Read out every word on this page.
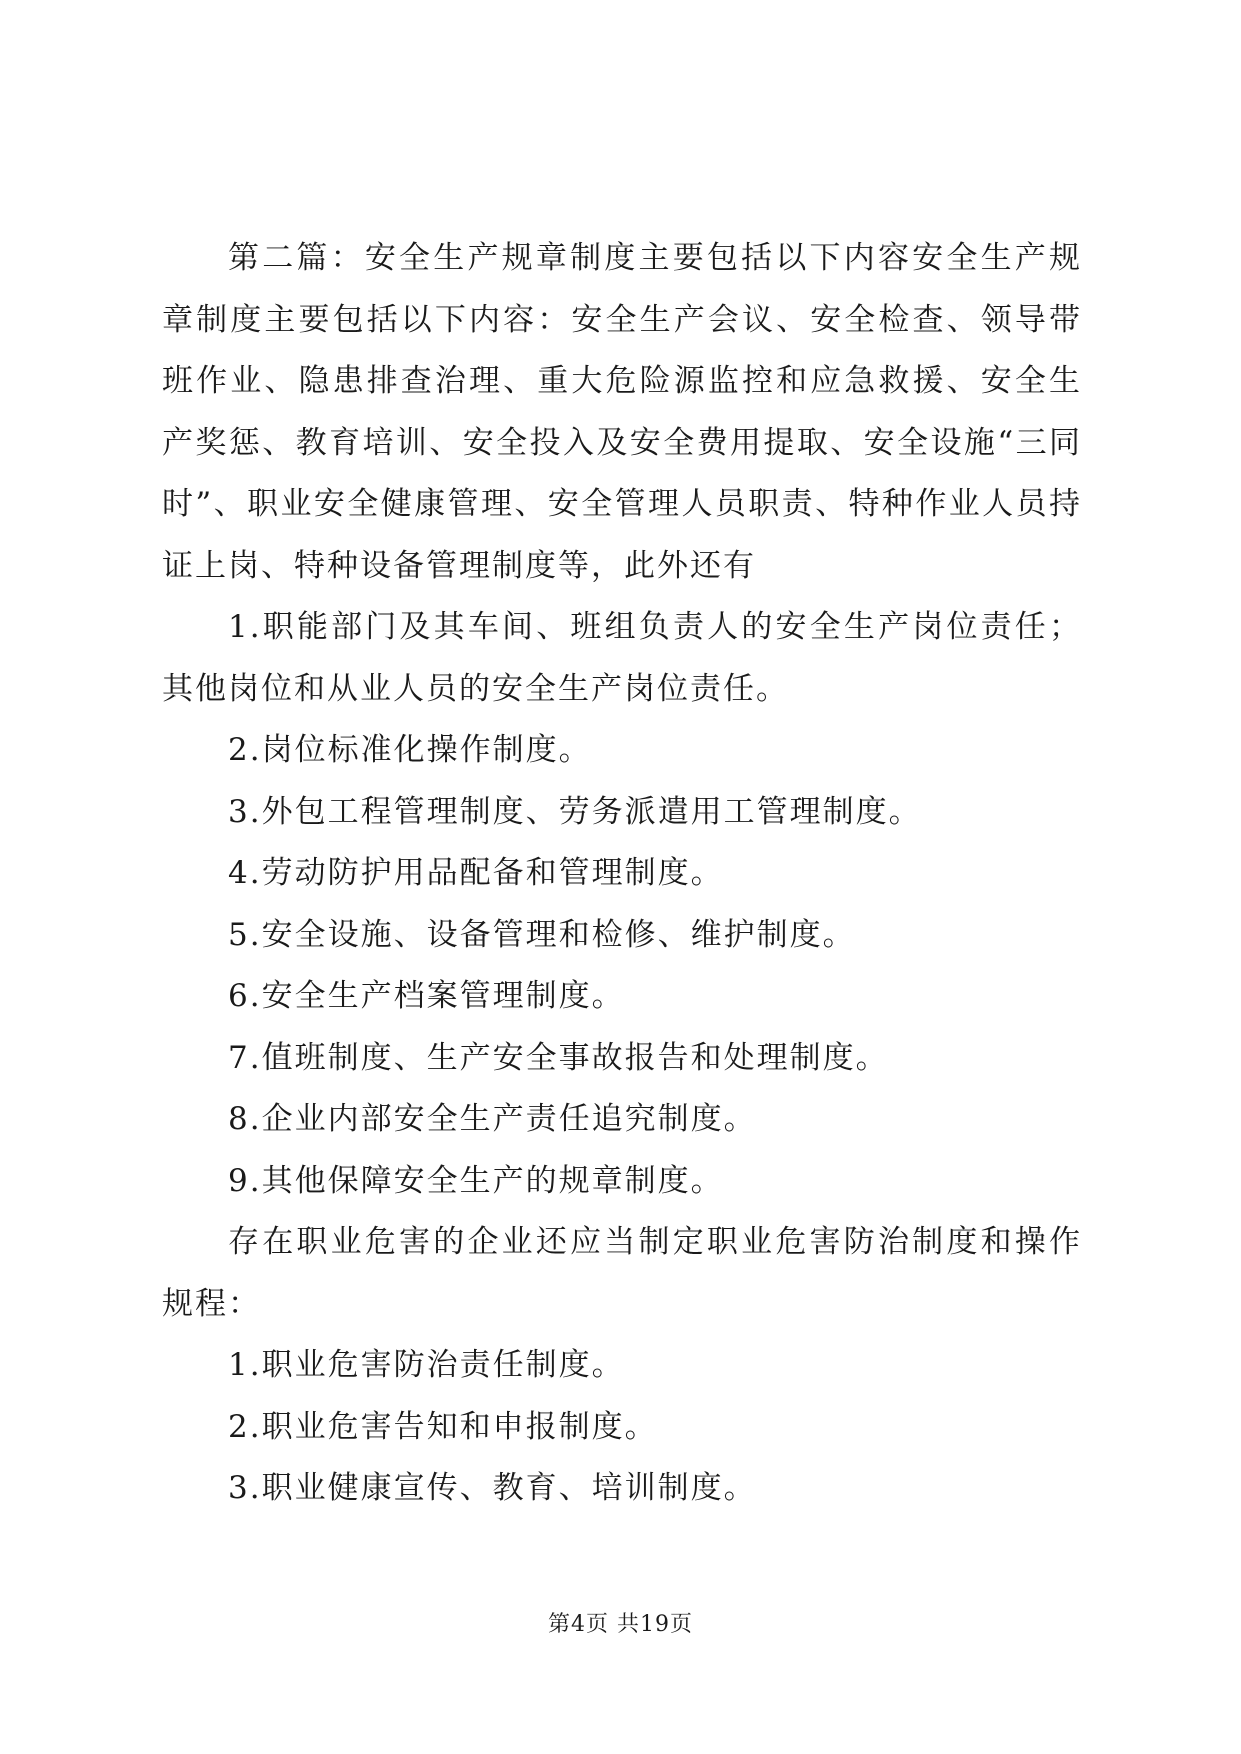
第二篇：安全生产规章制度主要包括以下内容安全生产规章制度主要包括以下内容：安全生产会议、安全检查、领导带班作业、隐患排查治理、重大危险源监控和应急救援、安全生产奖惩、教育培训、安全投入及安全费用提取、安全设施“三同时”、职业安全健康管理、安全管理人员职责、特种作业人员持证上岗、特种设备管理制度等，此外还有

1.职能部门及其车间、班组负责人的安全生产岗位责任；其他岗位和从业人员的安全生产岗位责任。

2.岗位标准化操作制度。

3.外包工程管理制度、劳务派遣用工管理制度。

4.劳动防护用品配备和管理制度。

5.安全设施、设备管理和检修、维护制度。

6.安全生产档案管理制度。

7.值班制度、生产安全事故报告和处理制度。

8.企业内部安全生产责任追究制度。

9.其他保障安全生产的规章制度。

存在职业危害的企业还应当制定职业危害防治制度和操作规程：

1.职业危害防治责任制度。

2.职业危害告知和申报制度。

3.职业健康宣传、教育、培训制度。

第4页 共19页
